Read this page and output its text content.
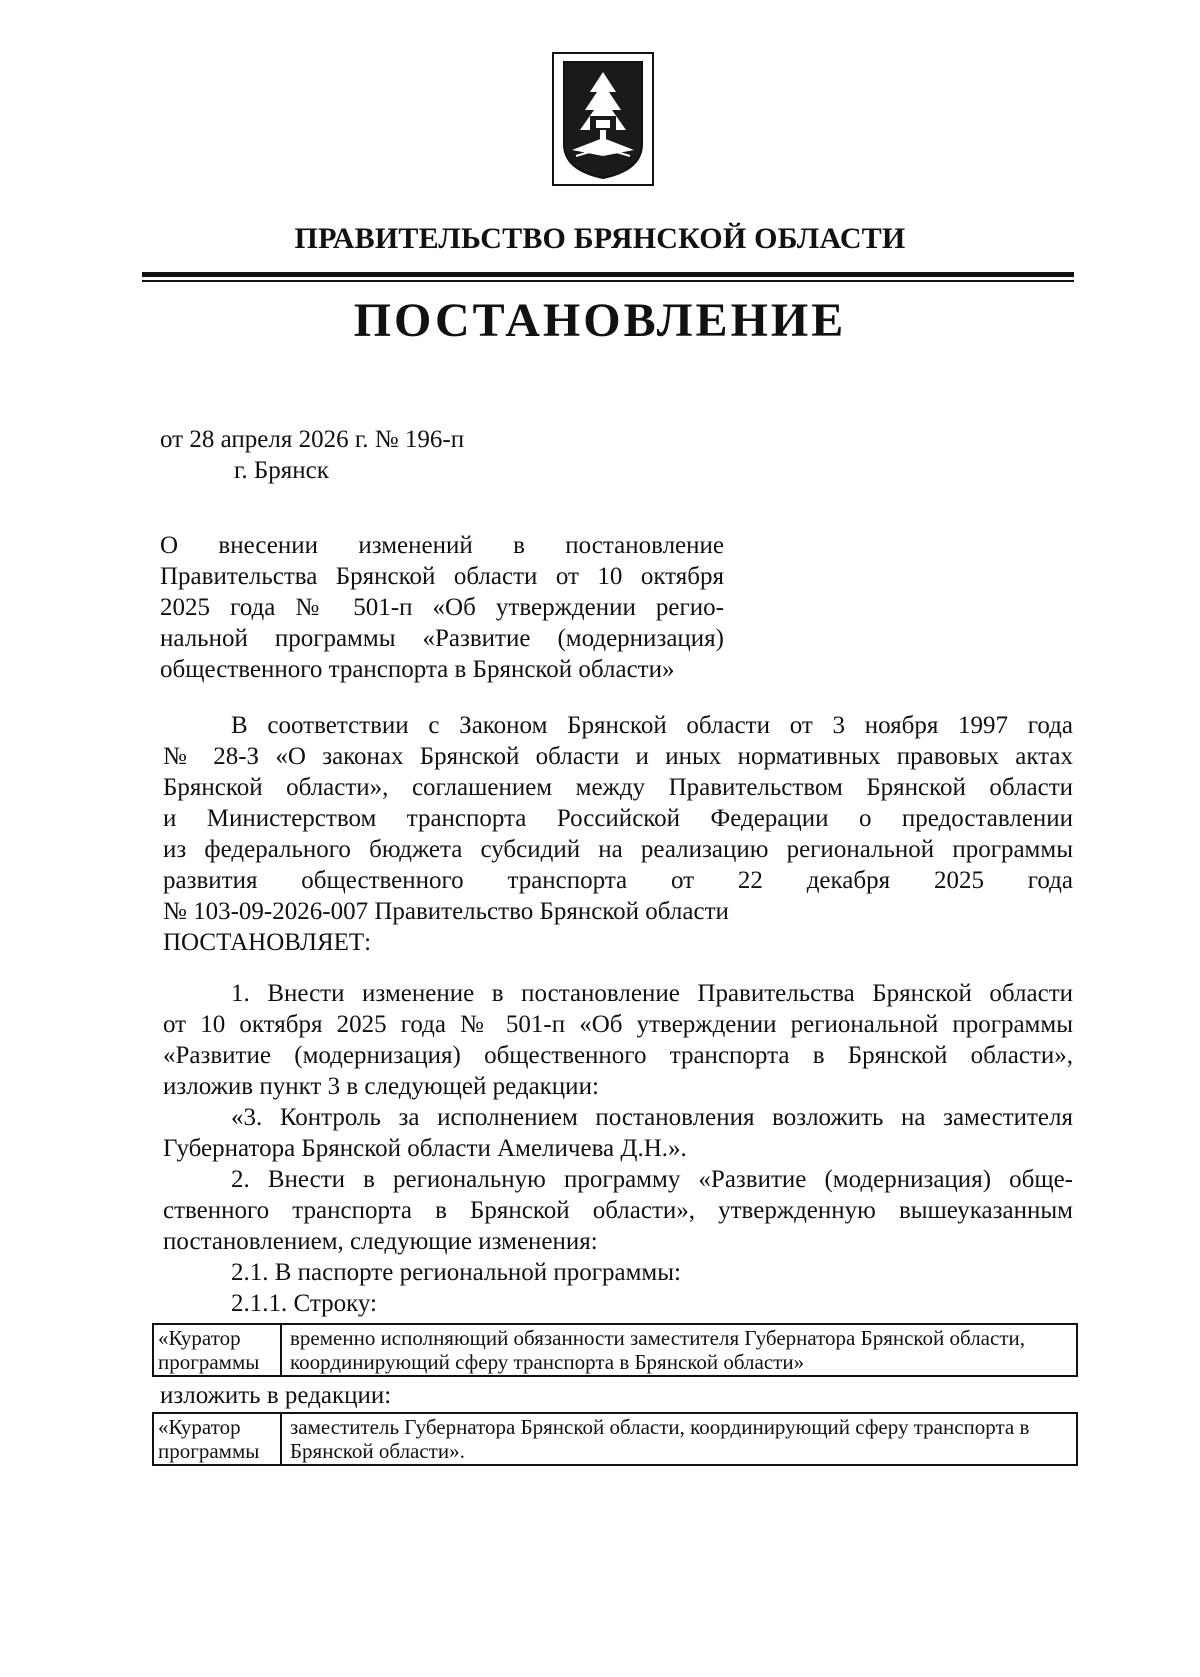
ПРАВИТЕЛЬСТВО БРЯНСКОЙ ОБЛАСТИ
ПОСТАНОВЛЕНИЕ
от 28 апреля 2026 г. № 196-п
г. Брянск
О внесении изменений в постановление
Правительства Брянской области от 10 октября
2025 года № 501-п «Об утверждении регио-
нальной программы «Развитие (модернизация)
общественного транспорта в Брянской области»
В соответствии с Законом Брянской области от 3 ноября 1997 года
№ 28-З «О законах Брянской области и иных нормативных правовых актах
Брянской области», соглашением между Правительством Брянской области
и Министерством транспорта Российской Федерации о предоставлении
из федерального бюджета субсидий на реализацию региональной программы
развития общественного транспорта от 22 декабря 2025 года
№ 103-09-2026-007 Правительство Брянской области
ПОСТАНОВЛЯЕТ:
1. Внести изменение в постановление Правительства Брянской области
от 10 октября 2025 года № 501-п «Об утверждении региональной программы
«Развитие (модернизация) общественного транспорта в Брянской области»,
изложив пункт 3 в следующей редакции:
«3. Контроль за исполнением постановления возложить на заместителя
Губернатора Брянской области Амеличева Д.Н.».
2. Внести в региональную программу «Развитие (модернизация) обще-
ственного транспорта в Брянской области», утвержденную вышеуказанным
постановлением, следующие изменения:
2.1. В паспорте региональной программы:
2.1.1. Строку:
«Куратор программы	временно исполняющий обязанности заместителя Губернатора Брянской области, координирующий сферу транспорта в Брянской области»
изложить в редакции:
«Куратор программы	заместитель Губернатора Брянской области, координирующий сферу транспорта в Брянской области».
